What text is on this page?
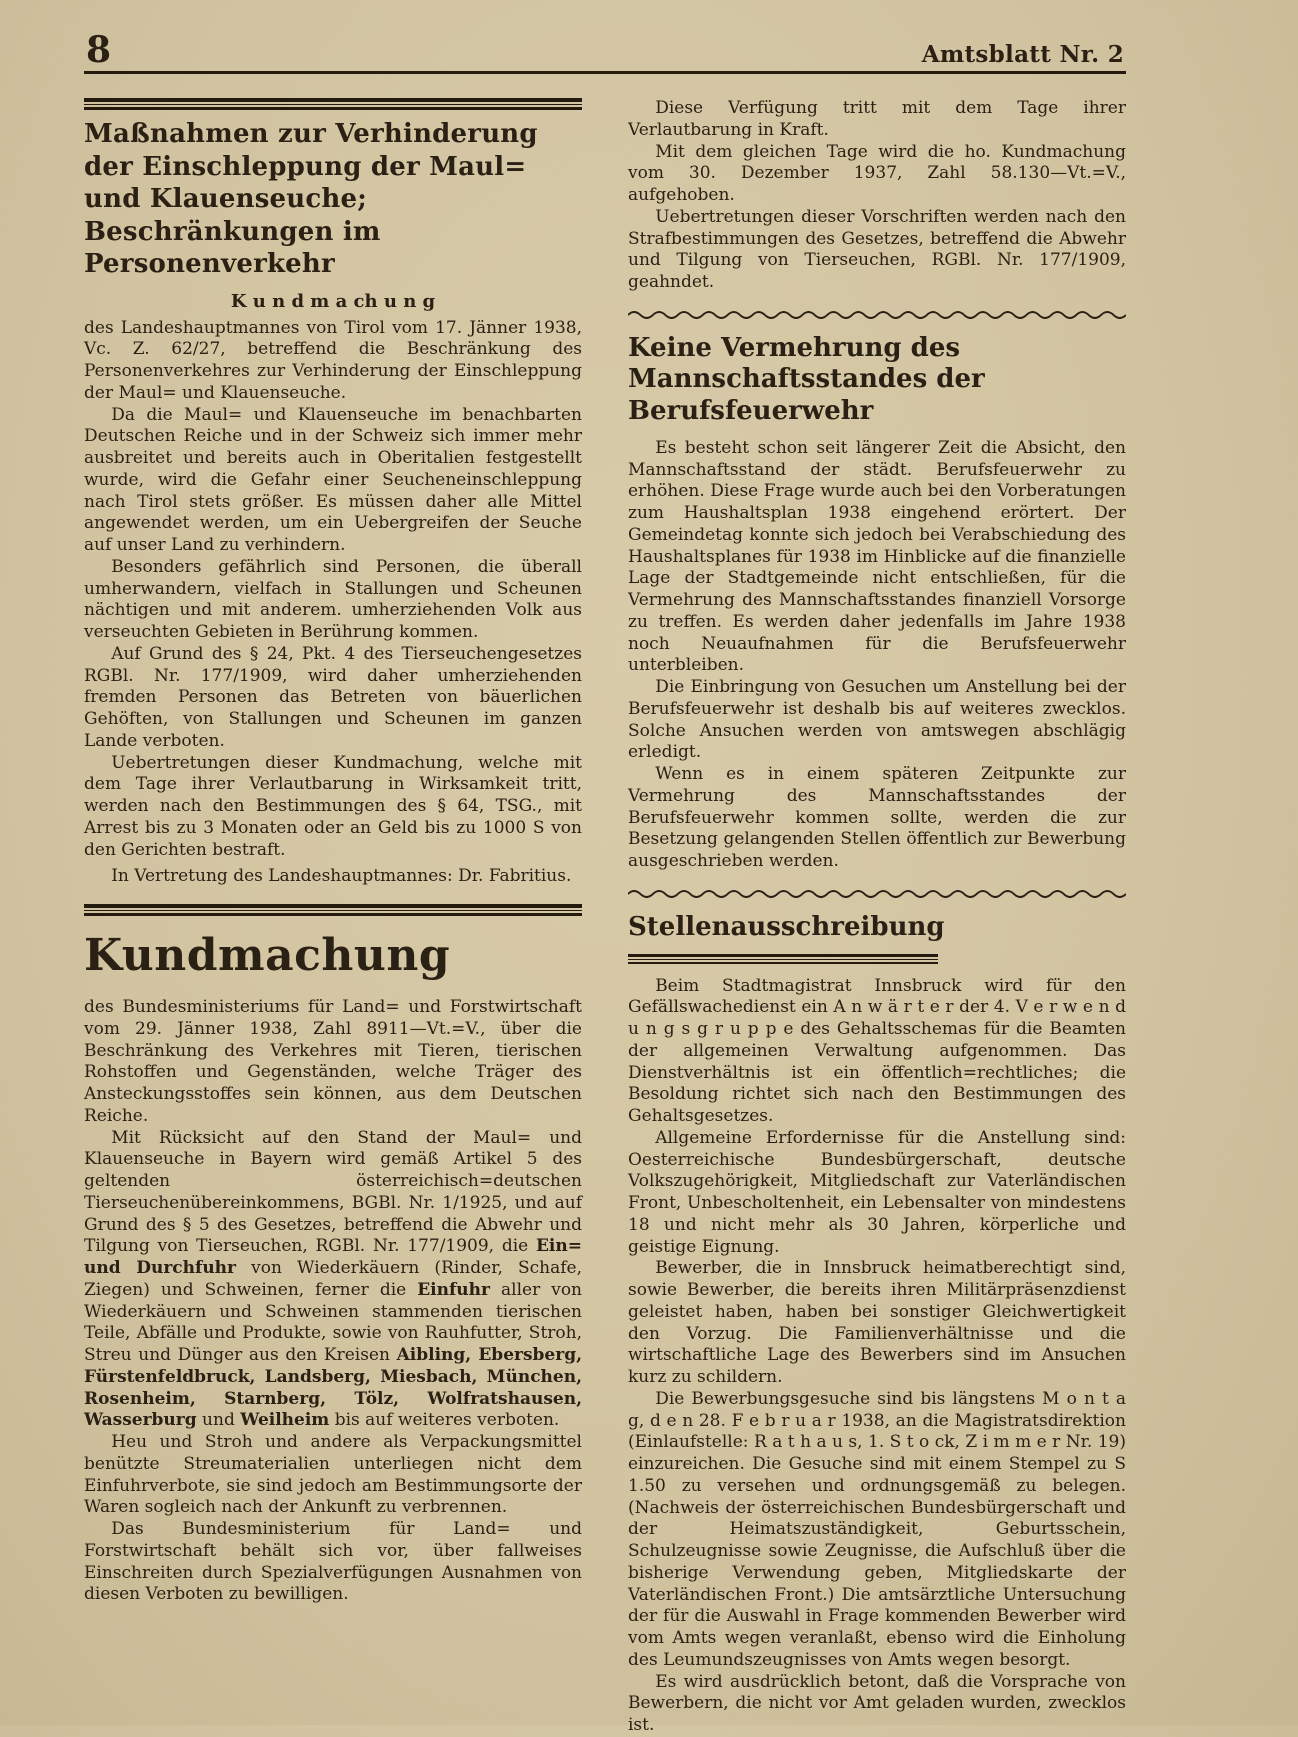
8	Amtsblatt Nr. 2
Maßnahmen zur Verhinderung der Einschleppung der Maul= und Klauenseuche; Beschränkungen im Personenverkehr
K u n d m a ch u n g

des Landeshauptmannes von Tirol vom 17. Jänner 1938, Vc. Z. 62/27, betreffend die Beschränkung des Personenverkehres zur Verhinderung der Einschleppung der Maul= und Klauenseuche.

Da die Maul= und Klauenseuche im benachbarten Deutschen Reiche und in der Schweiz sich immer mehr ausbreitet und bereits auch in Oberitalien festgestellt wurde, wird die Gefahr einer Seucheneinschleppung nach Tirol stets größer. Es müssen daher alle Mittel angewendet werden, um ein Uebergreifen der Seuche auf unser Land zu verhindern.

Besonders gefährlich sind Personen, die überall umherwandern, vielfach in Stallungen und Scheunen nächtigen und mit anderem. umherziehenden Volk aus verseuchten Gebieten in Berührung kommen.

Auf Grund des § 24, Pkt. 4 des Tierseuchengesetzes RGBl. Nr. 177/1909, wird daher umherziehenden fremden Personen das Betreten von bäuerlichen Gehöften, von Stallungen und Scheunen im ganzen Lande verboten.

Uebertretungen dieser Kundmachung, welche mit dem Tage ihrer Verlautbarung in Wirksamkeit tritt, werden nach den Bestimmungen des § 64, TSG., mit Arrest bis zu 3 Monaten oder an Geld bis zu 1000 S von den Gerichten bestraft.

In Vertretung des Landeshauptmannes: Dr. Fabritius.

Kundmachung

des Bundesministeriums für Land= und Forstwirtschaft vom 29. Jänner 1938, Zahl 8911—Vt.=V., über die Beschränkung des Verkehres mit Tieren, tierischen Rohstoffen und Gegenständen, welche Träger des Ansteckungsstoffes sein können, aus dem Deutschen Reiche.

Mit Rücksicht auf den Stand der Maul= und Klauenseuche in Bayern wird gemäß Artikel 5 des geltenden österreichisch=deutschen Tierseuchenübereinkommens, BGBl. Nr. 1/1925, und auf Grund des § 5 des Gesetzes, betreffend die Abwehr und Tilgung von Tierseuchen, RGBl. Nr. 177/1909, die Ein= und Durchfuhr von Wiederkäuern (Rinder, Schafe, Ziegen) und Schweinen, ferner die Einfuhr aller von Wiederkäuern und Schweinen stammenden tierischen Teile, Abfälle und Produkte, sowie von Rauhfutter, Stroh, Streu und Dünger aus den Kreisen Aibling, Ebersberg, Fürstenfeldbruck, Landsberg, Miesbach, München, Rosenheim, Starnberg, Tölz, Wolfratshausen, Wasserburg und Weilheim bis auf weiteres verboten.

Heu und Stroh und andere als Verpackungsmittel benützte Streumaterialien unterliegen nicht dem Einfuhrverbote, sie sind jedoch am Bestimmungsorte der Waren sogleich nach der Ankunft zu verbrennen.

Das Bundesministerium für Land= und Forstwirtschaft behält sich vor, über fallweises Einschreiten durch Spezialverfügungen Ausnahmen von diesen Verboten zu bewilligen.

Diese Verfügung tritt mit dem Tage ihrer Verlautbarung in Kraft.

Mit dem gleichen Tage wird die ho. Kundmachung vom 30. Dezember 1937, Zahl 58.130—Vt.=V., aufgehoben.

Uebertretungen dieser Vorschriften werden nach den Strafbestimmungen des Gesetzes, betreffend die Abwehr und Tilgung von Tierseuchen, RGBl. Nr. 177/1909, geahndet.

Keine Vermehrung des Mannschaftsstandes der Berufsfeuerwehr

Es besteht schon seit längerer Zeit die Absicht, den Mannschaftsstand der städt. Berufsfeuerwehr zu erhöhen. Diese Frage wurde auch bei den Vorberatungen zum Haushaltsplan 1938 eingehend erörtert. Der Gemeindetag konnte sich jedoch bei Verabschiedung des Haushaltsplanes für 1938 im Hinblicke auf die finanzielle Lage der Stadtgemeinde nicht entschließen, für die Vermehrung des Mannschaftsstandes finanziell Vorsorge zu treffen. Es werden daher jedenfalls im Jahre 1938 noch Neuaufnahmen für die Berufsfeuerwehr unterbleiben.

Die Einbringung von Gesuchen um Anstellung bei der Berufsfeuerwehr ist deshalb bis auf weiteres zwecklos. Solche Ansuchen werden von amtswegen abschlägig erledigt.

Wenn es in einem späteren Zeitpunkte zur Vermehrung des Mannschaftsstandes der Berufsfeuerwehr kommen sollte, werden die zur Besetzung gelangenden Stellen öffentlich zur Bewerbung ausgeschrieben werden.

Stellenausschreibung

Beim Stadtmagistrat Innsbruck wird für den Gefällswachedienst ein A n w ä r t e r der 4. V e r w e n d u n g s g r u p p e des Gehaltsschemas für die Beamten der allgemeinen Verwaltung aufgenommen. Das Dienstverhältnis ist ein öffentlich=rechtliches; die Besoldung richtet sich nach den Bestimmungen des Gehaltsgesetzes.

Allgemeine Erfordernisse für die Anstellung sind: Oesterreichische Bundesbürgerschaft, deutsche Volkszugehörigkeit, Mitgliedschaft zur Vaterländischen Front, Unbescholtenheit, ein Lebensalter von mindestens 18 und nicht mehr als 30 Jahren, körperliche und geistige Eignung.

Bewerber, die in Innsbruck heimatberechtigt sind, sowie Bewerber, die bereits ihren Militärpräsenzdienst geleistet haben, haben bei sonstiger Gleichwertigkeit den Vorzug. Die Familienverhältnisse und die wirtschaftliche Lage des Bewerbers sind im Ansuchen kurz zu schildern.

Die Bewerbungsgesuche sind bis längstens M o n t a g, d e n 28. F e b r u a r 1938, an die Magistratsdirektion (Einlaufstelle: R a t h a u s, 1. S t o ck, Z i m m e r Nr. 19) einzureichen. Die Gesuche sind mit einem Stempel zu S 1.50 zu versehen und ordnungsgemäß zu belegen. (Nachweis der österreichischen Bundesbürgerschaft und der Heimatszuständigkeit, Geburtsschein, Schulzeugnisse sowie Zeugnisse, die Aufschluß über die bisherige Verwendung geben, Mitgliedskarte der Vaterländischen Front.) Die amtsärztliche Untersuchung der für die Auswahl in Frage kommenden Bewerber wird vom Amts wegen veranlaßt, ebenso wird die Einholung des Leumundszeugnisses von Amts wegen besorgt.

Es wird ausdrücklich betont, daß die Vorsprache von Bewerbern, die nicht vor Amt geladen wurden, zwecklos ist.
